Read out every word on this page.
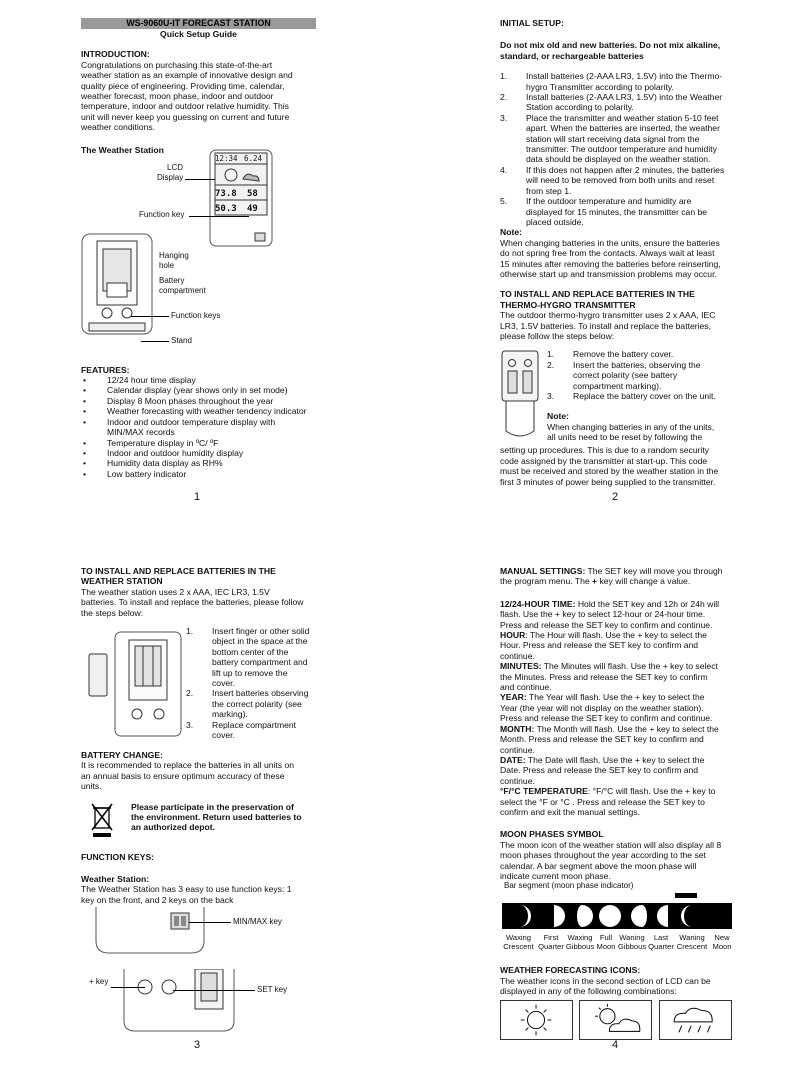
WS-9060U-IT FORECAST STATION
Quick Setup Guide
INTRODUCTION:
Congratulations on purchasing this state-of-the-art
weather station as an example of innovative design and
quality piece of engineering. Providing time, calendar,
weather forecast, moon phase, indoor and outdoor
temperature, indoor and outdoor relative humidity. This
unit will never keep you guessing on current and future
weather conditions.
The Weather Station
12:34 6.24
73.8 58
50.3 49
LCD
Display
Function key
Hanging
hole
Battery
compartment
Function keys
Stand
FEATURES:
• 12/24 hour time display
• Calendar display (year shows only in set mode)
• Display 8 Moon phases throughout the year
• Weather forecasting with weather tendency indicator
• Indoor and outdoor temperature display with
MIN/MAX records
• Temperature display in ºC/ ºF
• Indoor and outdoor humidity display
• Humidity data display as RH%
• Low battery indicator
1
INITIAL SETUP:
Do not mix old and new batteries. Do not mix alkaline,
standard, or rechargeable batteries
1.	Install batteries (2-AAA LR3, 1.5V) into the Thermo-
hygro Transmitter according to polarity.
2.	Install batteries (2-AAA LR3, 1.5V) into the Weather
Station according to polarity.
3.	Place the transmitter and weather station 5-10 feet
apart. When the batteries are inserted, the weather
station will start receiving data signal from the
transmitter. The outdoor temperature and humidity
data should be displayed on the weather station.
4.	If this does not happen after 2 minutes, the batteries
will need to be removed from both units and reset
from step 1.
5.	If the outdoor temperature and humidity are
displayed for 15 minutes, the transmitter can be
placed outside.
Note:
When changing batteries in the units, ensure the batteries
do not spring free from the contacts. Always wait at least
15 minutes after removing the batteries before reinserting,
otherwise start up and transmission problems may occur.
TO INSTALL AND REPLACE BATTERIES IN THE
THERMO-HYGRO TRANSMITTER
The outdoor thermo-hygro transmitter uses 2 x AAA, IEC
LR3, 1.5V batteries. To install and replace the batteries,
please follow the steps below:
1.	Remove the battery cover.
2.	Insert the batteries, observing the
correct polarity (see battery
compartment marking).
3.	Replace the battery cover on the unit.
Note:
When changing batteries in any of the units,
all units need to be reset by following the
setting up procedures. This is due to a random security
code assigned by the transmitter at start-up. This code
must be received and stored by the weather station in the
first 3 minutes of power being supplied to the transmitter.
2
TO INSTALL AND REPLACE BATTERIES IN THE
WEATHER STATION
The weather station uses 2 x AAA, IEC LR3, 1.5V
batteries. To install and replace the batteries, please follow
the steps below:
1.	Insert finger or other solid
object in the space at the
bottom center of the
battery compartment and
lift up to remove the
cover.
2.	Insert batteries observing
the correct polarity (see
marking).
3.	Replace compartment
cover.
BATTERY CHANGE:
It is recommended to replace the batteries in all units on
an annual basis to ensure optimum accuracy of these
units.
Please participate in the preservation of
the environment. Return used batteries to
an authorized depot.
FUNCTION KEYS:
Weather Station:
The Weather Station has 3 easy to use function keys: 1
key on the front, and 2 keys on the back
MIN/MAX key
+ key
SET key
3
MANUAL SETTINGS: The SET key will move you through
the program menu. The + key will change a value.
12/24-HOUR TIME: Hold the SET key and 12h or 24h will
flash. Use the + key to select 12-hour or 24-hour time.
Press and release the SET key to confirm and continue.
HOUR: The Hour will flash. Use the + key to select the
Hour. Press and release the SET key to confirm and
continue.
MINUTES: The Minutes will flash. Use the + key to select
the Minutes. Press and release the SET key to confirm
and continue.
YEAR: The Year will flash. Use the + key to select the
Year (the year will not display on the weather station).
Press and release the SET key to confirm and continue.
MONTH: The Month will flash. Use the + key to select the
Month. Press and release the SET key to confirm and
continue.
DATE: The Date will flash. Use the + key to select the
Date. Press and release the SET key to confirm and
continue.
°F/°C TEMPERATURE: °F/°C will flash. Use the + key to
select the °F or °C . Press and release the SET key to
confirm and exit the manual settings.
MOON PHASES SYMBOL
The moon icon of the weather station will also display all 8
moon phases throughout the year according to the set
calendar. A bar segment above the moon phase will
indicate current moon phase.
Bar segment (moon phase indicator)
Waxing
Crescent
First
Quarter
Waxing
Gibbous
Full
Moon
Waning
Gibbous
Last
Quarter
Waning
Crescent
New
Moon
WEATHER FORECASTING ICONS:
The weather icons in the second section of LCD can be
displayed in any of the following combinations:

4
